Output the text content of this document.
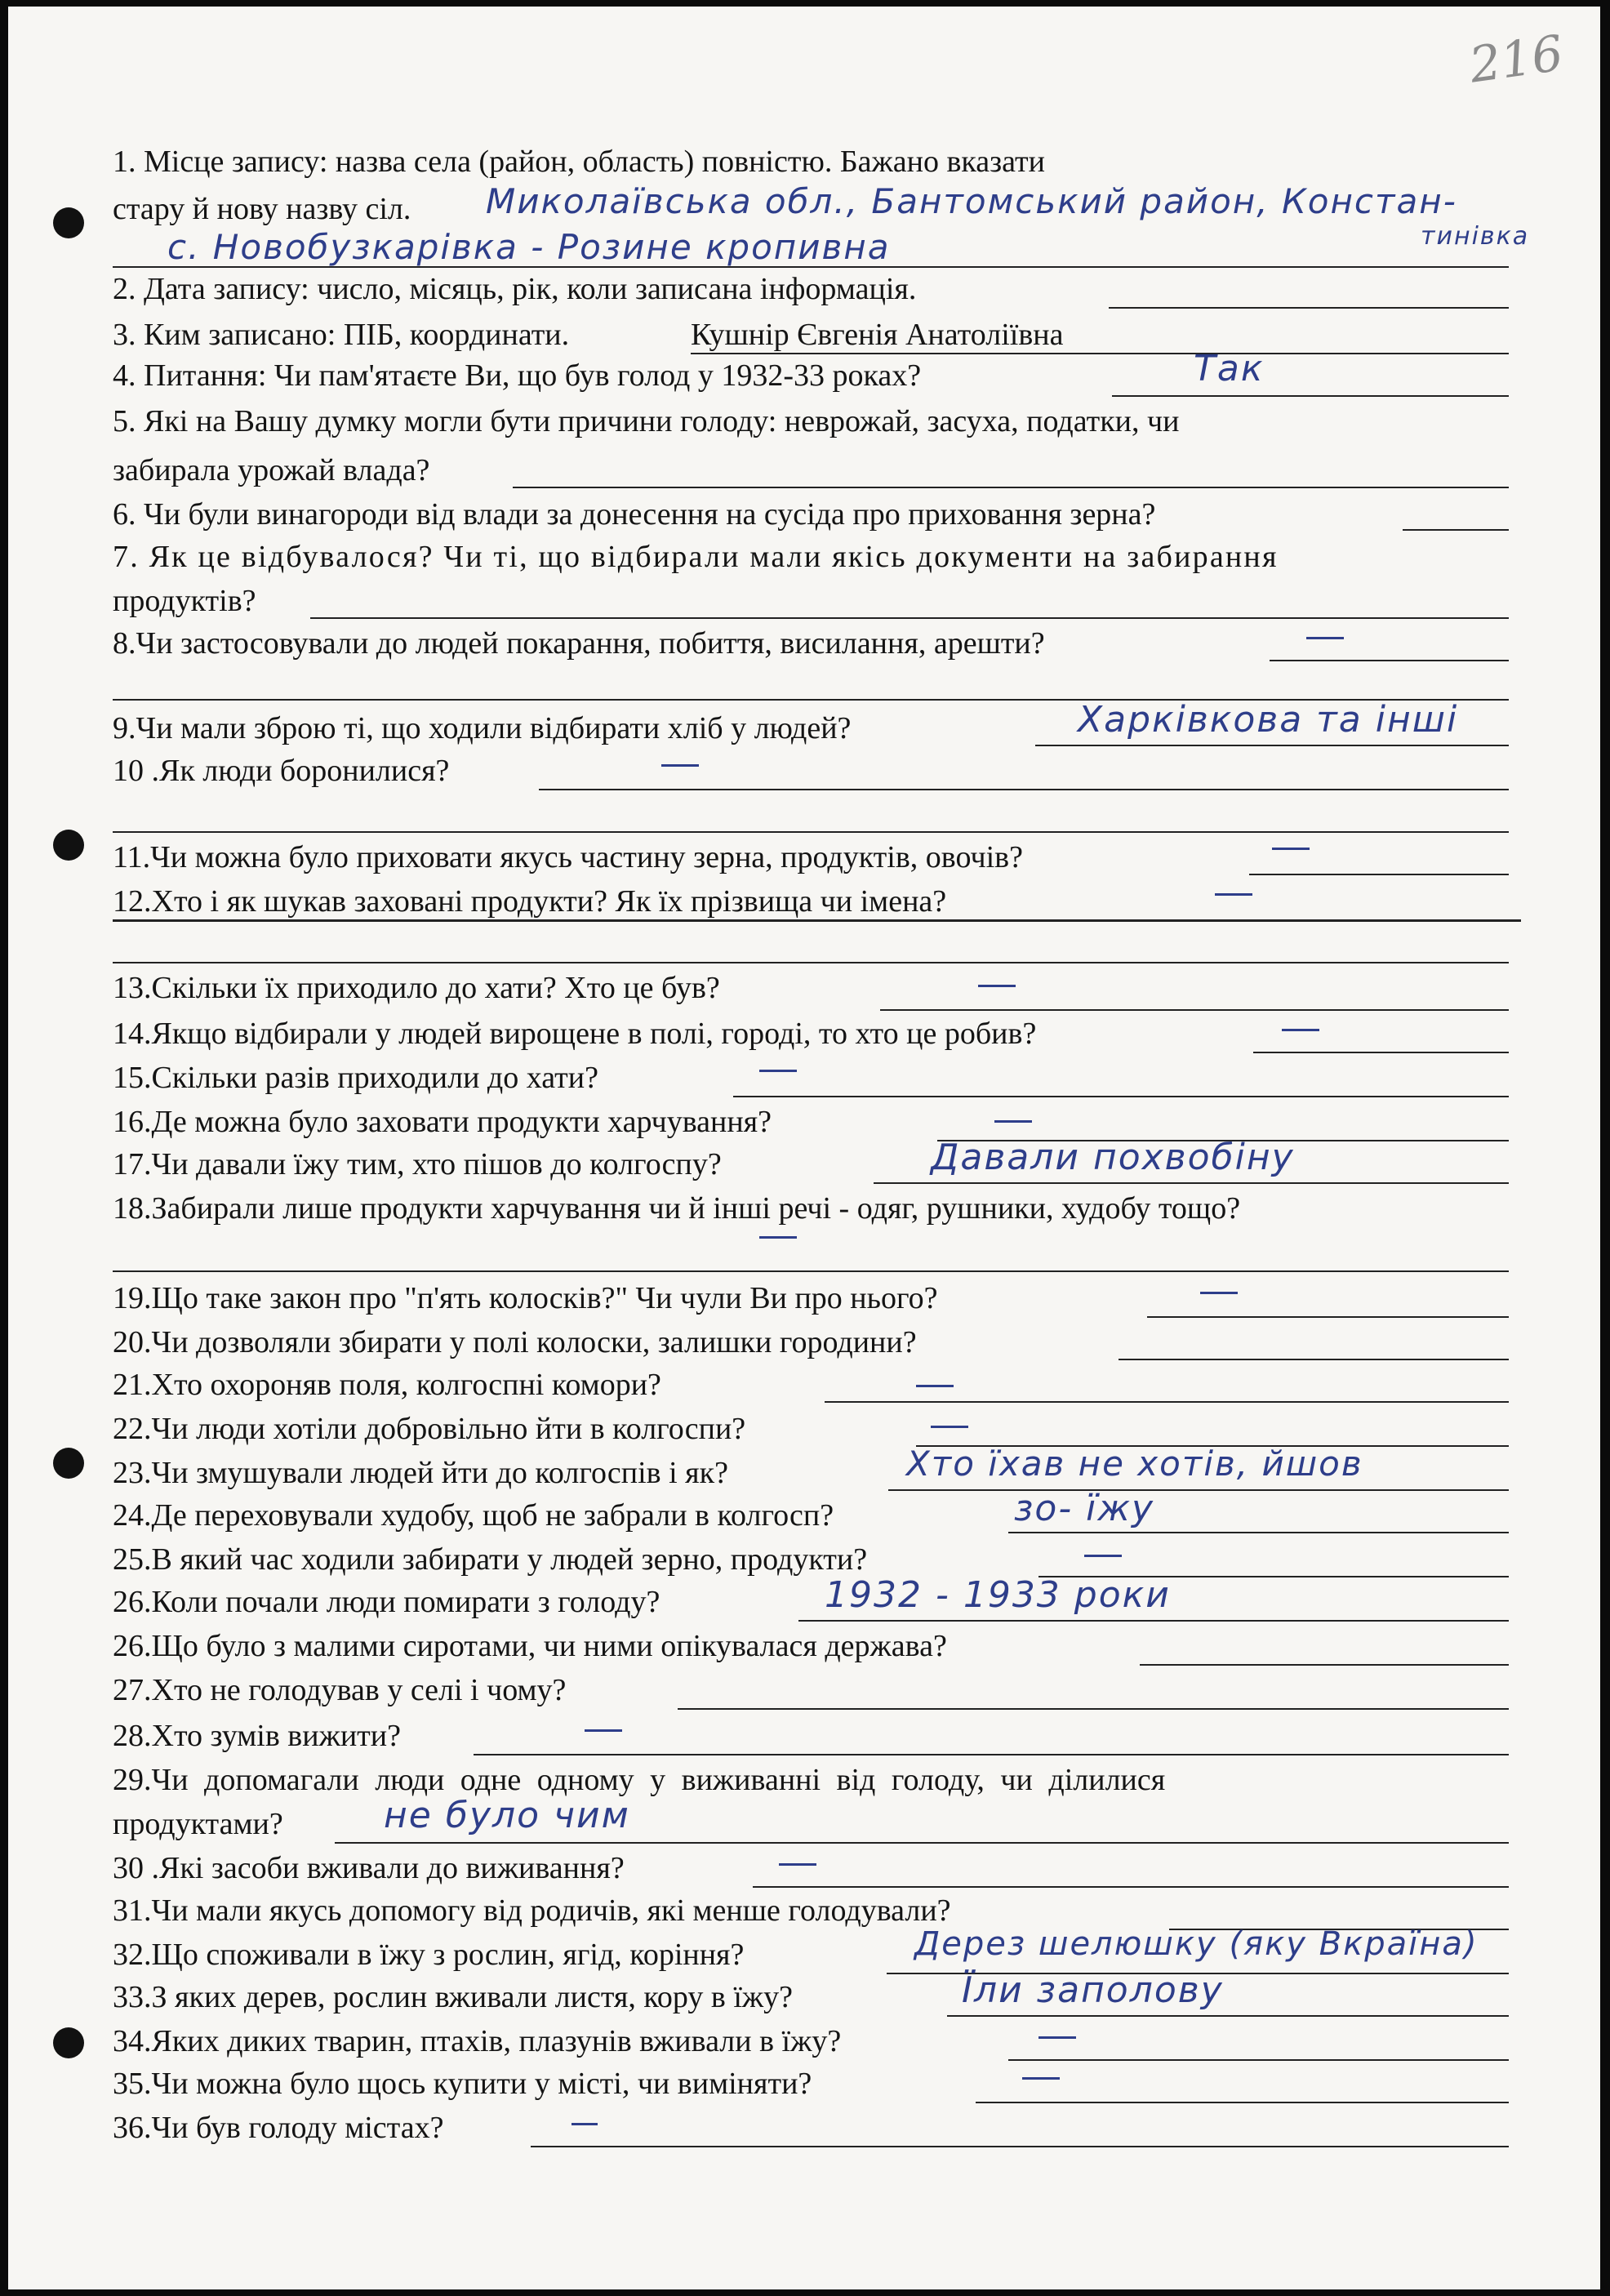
216
1. Місце запису: назва села (район, область) повністю. Бажано вказати
стару й нову назву сіл. Миколаївська обл., Бантомський район, Констан-
тинівка
с. Новобузкарівка - Розине кропивна
2. Дата запису: число, місяць, рік, коли записана інформація.
3. Ким записано: ПІБ, координати.	Кушнір Євгенія Анатоліївна
4. Питання: Чи пам'ятаєте Ви, що був голод у 1932-33 роках?	Так
5. Які на Вашу думку могли бути причини голоду: неврожай, засуха, податки, чи
забирала урожай влада?
6. Чи були винагороди від влади за донесення на сусіда про приховання зерна?
7. Як це відбувалося? Чи ті, що відбирали мали якісь документи на забирання
продуктів?
8.Чи застосовували до людей покарання, побиття, висилання, арешти?
9.Чи мали зброю ті, що ходили відбирати хліб у людей?	Харківкова та інші
10 .Як люди боронилися?
11.Чи можна було приховати якусь частину зерна, продуктів, овочів?
12.Хто і як шукав заховані продукти? Як їх прізвища чи імена?
13.Скільки їх приходило до хати? Хто це був?
14.Якщо відбирали у людей вирощене в полі, городі, то хто це робив?
15.Скільки разів приходили до хати?
16.Де можна було заховати продукти харчування?
17.Чи давали їжу тим, хто пішов до колгоспу?	Давали похвобіну
18.Забирали лише продукти харчування чи й інші речі - одяг, рушники, худобу тощо?
19.Що таке закон про "п'ять колосків?" Чи чули Ви про нього?
20.Чи дозволяли збирати у полі колоски, залишки городини?
21.Хто охороняв поля, колгоспні комори?
22.Чи люди хотіли добровільно йти в колгоспи?
23.Чи змушували людей йти до колгоспів і як?	Хто їхав не хотів, йшов
24.Де переховували худобу, щоб не забрали в колгосп?	зо- їжу
25.В який час ходили забирати у людей зерно, продукти?
26.Коли почали люди помирати з голоду?	1932 - 1933 роки
26.Що було з малими сиротами, чи ними опікувалася держава?
27.Хто не голодував у селі і чому?
28.Хто зумів вижити?
29.Чи допомагали люди одне одному у виживанні від голоду, чи ділилися
продуктами?	не було чим
30 .Які засоби вживали до виживання?
31.Чи мали якусь допомогу від родичів, які менше голодували?
32.Що споживали в їжу з рослин, ягід, коріння?	Дерез шелюшку (яку Вкраїна)
33.З яких дерев, рослин вживали листя, кору в їжу?	Їли заполову
34.Яких диких тварин, птахів, плазунів вживали в їжу?
35.Чи можна було щось купити у місті, чи виміняти?
36.Чи був голоду містах?
